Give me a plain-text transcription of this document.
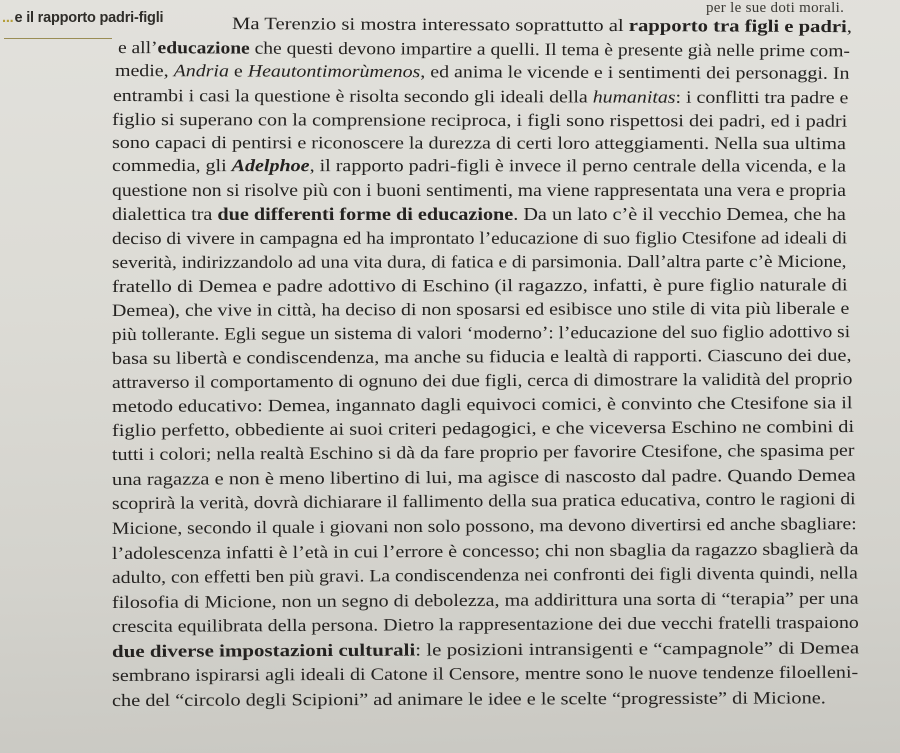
per le sue doti morali.
...e il rapporto padri-figli	Ma Terenzio si mostra interessato soprattutto al rapporto tra figli e padri,
e all’educazione che questi devono impartire a quelli. Il tema è presente già nelle prime com-
medie, Andria e Heautontimorùmenos, ed anima le vicende e i sentimenti dei personaggi. In
entrambi i casi la questione è risolta secondo gli ideali della humanitas: i conflitti tra padre e
figlio si superano con la comprensione reciproca, i figli sono rispettosi dei padri, ed i padri
sono capaci di pentirsi e riconoscere la durezza di certi loro atteggiamenti. Nella sua ultima
commedia, gli Adelphoe, il rapporto padri-figli è invece il perno centrale della vicenda, e la
questione non si risolve più con i buoni sentimenti, ma viene rappresentata una vera e propria
dialettica tra due differenti forme di educazione. Da un lato c’è il vecchio Demea, che ha
deciso di vivere in campagna ed ha improntato l’educazione di suo figlio Ctesifone ad ideali di
severità, indirizzandolo ad una vita dura, di fatica e di parsimonia. Dall’altra parte c’è Micione,
fratello di Demea e padre adottivo di Eschino (il ragazzo, infatti, è pure figlio naturale di
Demea), che vive in città, ha deciso di non sposarsi ed esibisce uno stile di vita più liberale e
più tollerante. Egli segue un sistema di valori ‘moderno’: l’educazione del suo figlio adottivo si
basa su libertà e condiscendenza, ma anche su fiducia e lealtà di rapporti. Ciascuno dei due,
attraverso il comportamento di ognuno dei due figli, cerca di dimostrare la validità del proprio
metodo educativo: Demea, ingannato dagli equivoci comici, è convinto che Ctesifone sia il
figlio perfetto, obbediente ai suoi criteri pedagogici, e che viceversa Eschino ne combini di
tutti i colori; nella realtà Eschino si dà da fare proprio per favorire Ctesifone, che spasima per
una ragazza e non è meno libertino di lui, ma agisce di nascosto dal padre. Quando Demea
scoprirà la verità, dovrà dichiarare il fallimento della sua pratica educativa, contro le ragioni di
Micione, secondo il quale i giovani non solo possono, ma devono divertirsi ed anche sbagliare:
l’adolescenza infatti è l’età in cui l’errore è concesso; chi non sbaglia da ragazzo sbaglierà da
adulto, con effetti ben più gravi. La condiscendenza nei confronti dei figli diventa quindi, nella
filosofia di Micione, non un segno di debolezza, ma addirittura una sorta di “terapia” per una
crescita equilibrata della persona. Dietro la rappresentazione dei due vecchi fratelli traspaiono
due diverse impostazioni culturali: le posizioni intransigenti e “campagnole” di Demea
sembrano ispirarsi agli ideali di Catone il Censore, mentre sono le nuove tendenze filoelleni-
che del “circolo degli Scipioni” ad animare le idee e le scelte “progressiste” di Micione.
